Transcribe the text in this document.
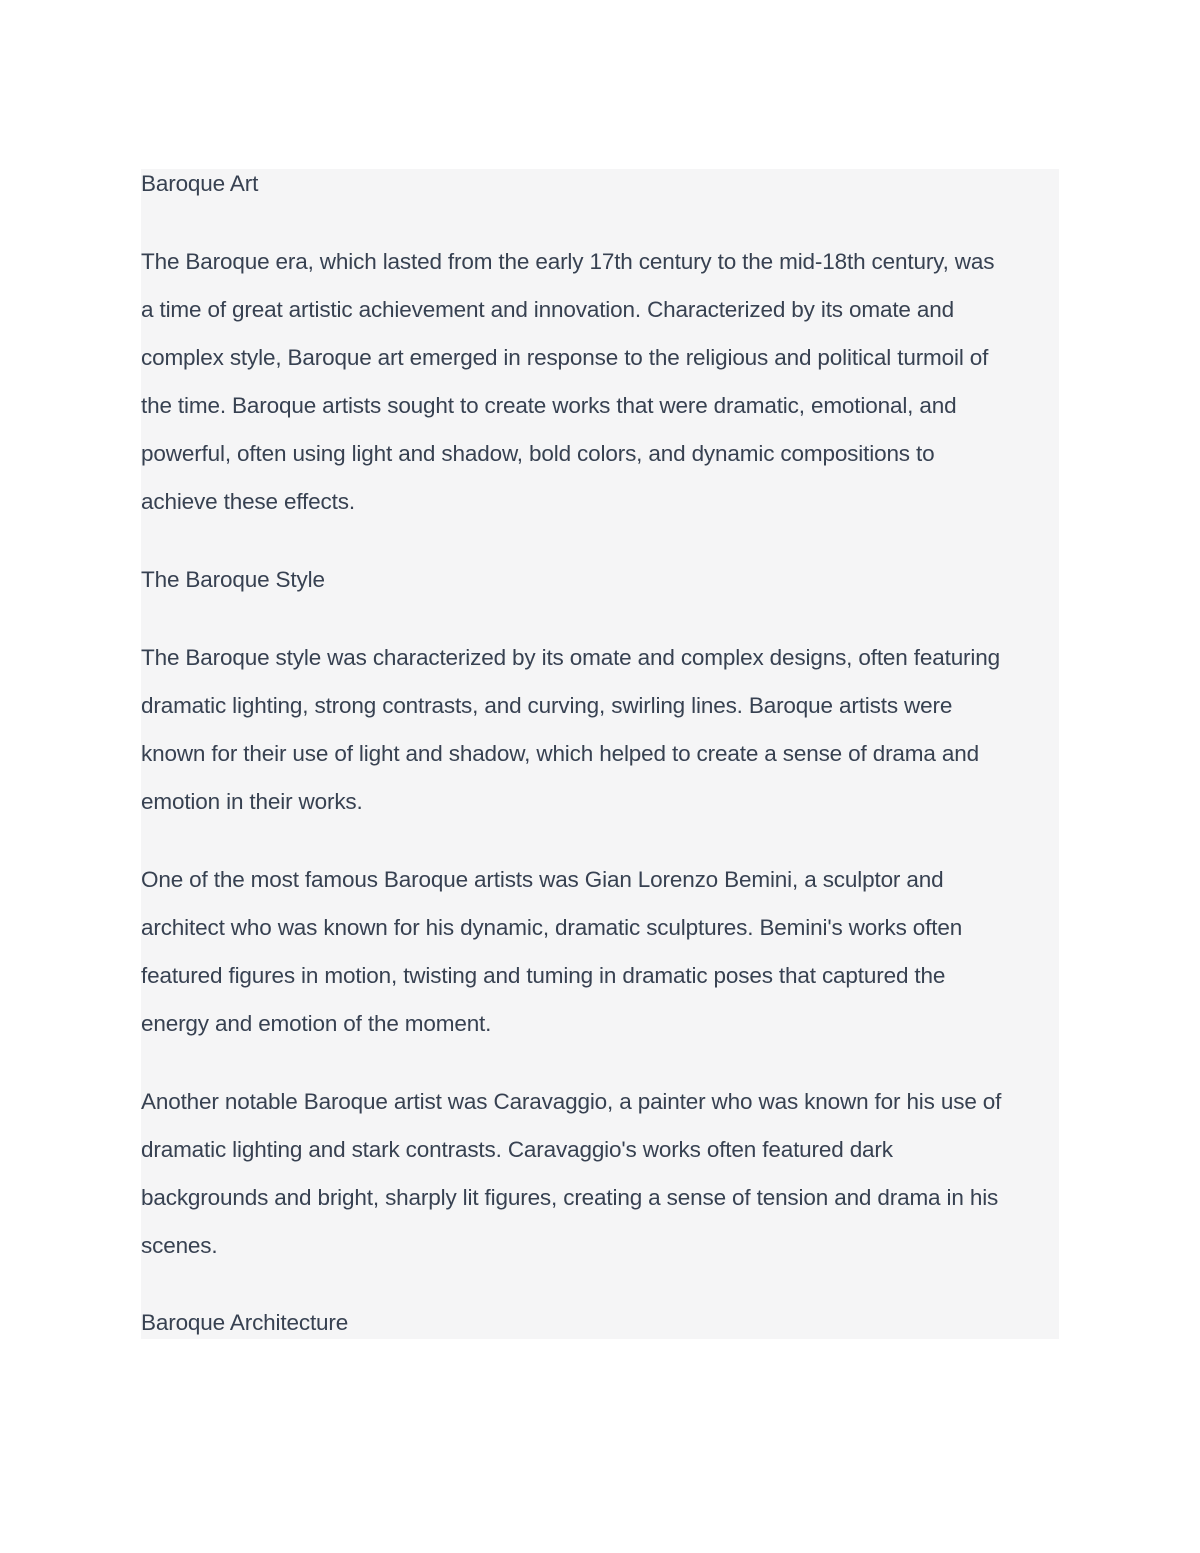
Baroque Art

The Baroque era, which lasted from the early 17th century to the mid-18th century, was

a time of great artistic achievement and innovation. Characterized by its omate and

complex style, Baroque art emerged in response to the religious and political turmoil of

the time. Baroque artists sought to create works that were dramatic, emotional, and

powerful, often using light and shadow, bold colors, and dynamic compositions to

achieve these effects.

The Baroque Style

The Baroque style was characterized by its omate and complex designs, often featuring

dramatic lighting, strong contrasts, and curving, swirling lines. Baroque artists were

known for their use of light and shadow, which helped to create a sense of drama and

emotion in their works.

One of the most famous Baroque artists was Gian Lorenzo Bemini, a sculptor and

architect who was known for his dynamic, dramatic sculptures. Bemini's works often

featured figures in motion, twisting and tuming in dramatic poses that captured the

energy and emotion of the moment.

Another notable Baroque artist was Caravaggio, a painter who was known for his use of

dramatic lighting and stark contrasts. Caravaggio's works often featured dark

backgrounds and bright, sharply lit figures, creating a sense of tension and drama in his

scenes.

Baroque Architecture
